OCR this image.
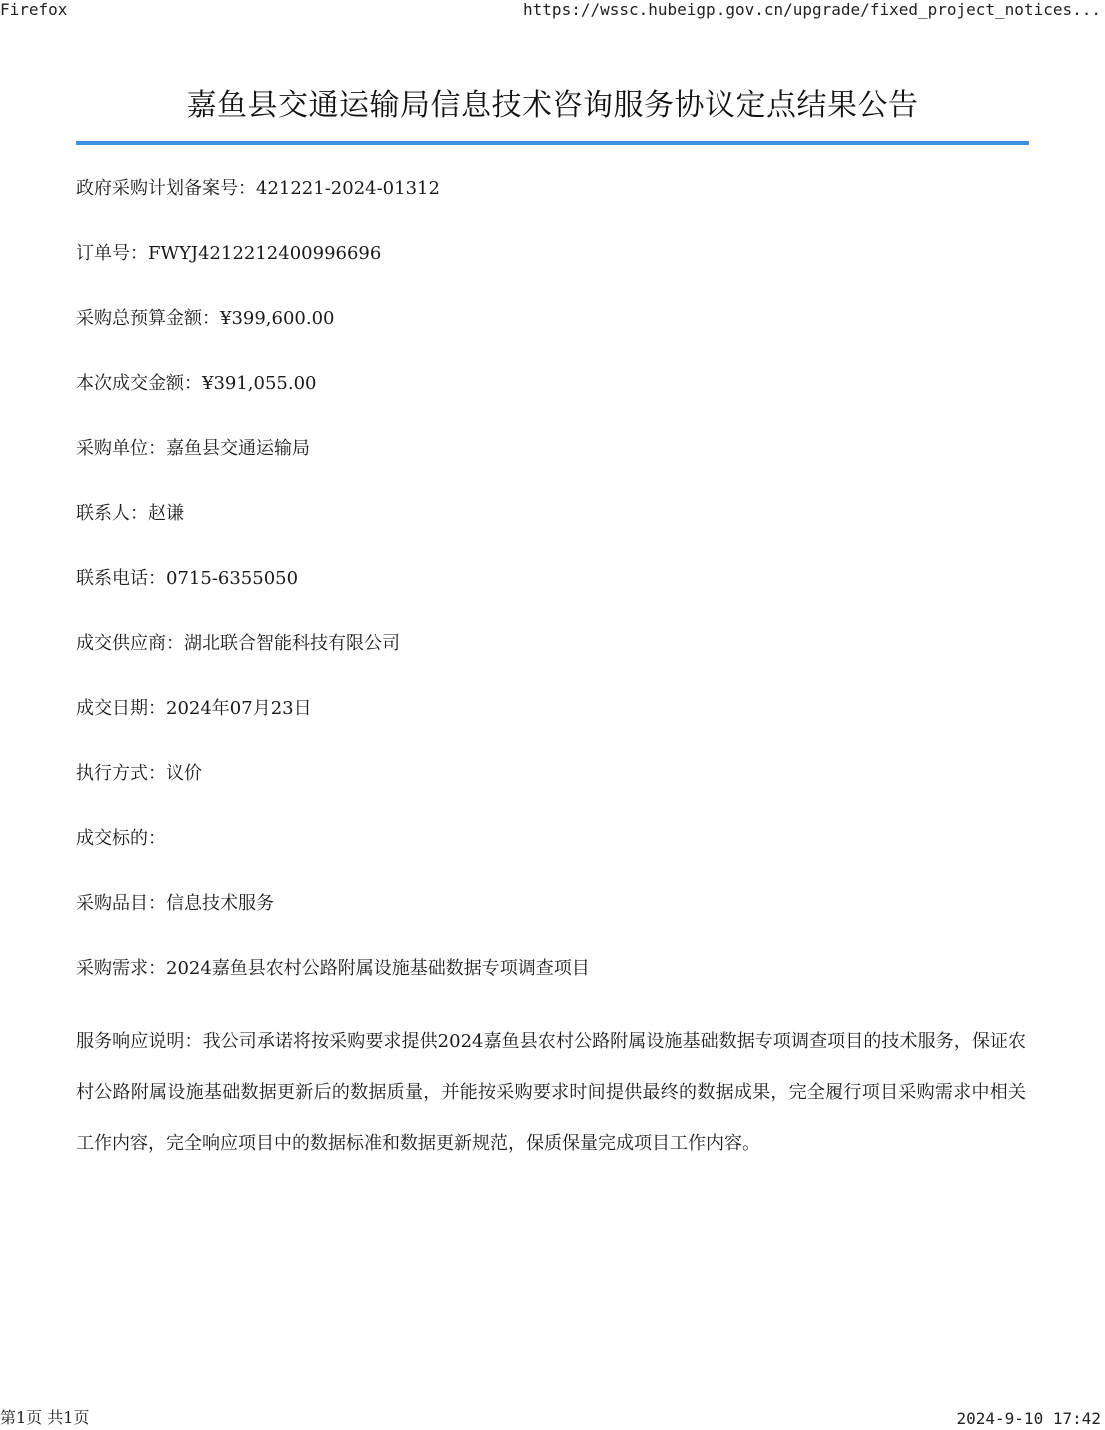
Firefox	https://wssc.hubeigp.gov.cn/upgrade/fixed_project_notices...
嘉鱼县交通运输局信息技术咨询服务协议定点结果公告
政府采购计划备案号：421221-2024-01312
订单号：FWYJ4212212400996696
采购总预算金额：¥399,600.00
本次成交金额：¥391,055.00
采购单位：嘉鱼县交通运输局
联系人：赵谦
联系电话：0715-6355050
成交供应商：湖北联合智能科技有限公司
成交日期：2024年07月23日
执行方式：议价
成交标的：
采购品目：信息技术服务
采购需求：2024嘉鱼县农村公路附属设施基础数据专项调查项目

服务响应说明：我公司承诺将按采购要求提供2024嘉鱼县农村公路附属设施基础数据专项调查项目的技术服务，保证农村公路附属设施基础数据更新后的数据质量，并能按采购要求时间提供最终的数据成果，完全履行项目采购需求中相关工作内容，完全响应项目中的数据标准和数据更新规范，保质保量完成项目工作内容。

第1页 共1页	2024-9-10 17:42
